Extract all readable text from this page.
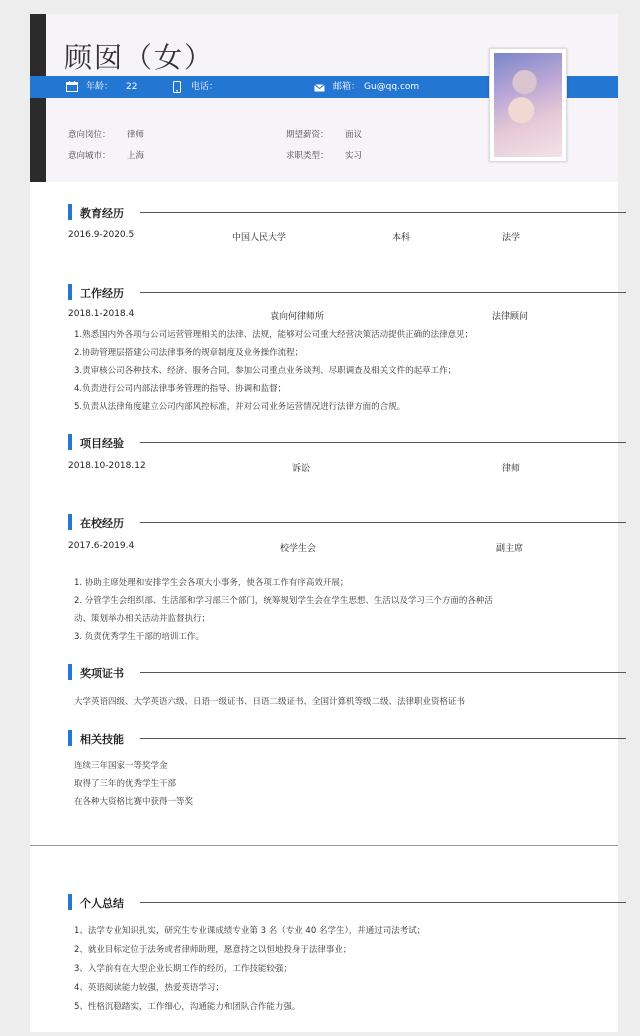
顾囡（女）
意向岗位： 律师
意向城市： 上海
期望薪资： 面议
求职类型： 实习
教育经历
2016.9-2020.5	中国人民大学	本科	法学
工作经历
2018.1-2018.4	袁向何律师所	法律顾问
1.熟悉国内外各项与公司运营管理相关的法律、法规，能够对公司重大经营决策活动提供正确的法律意见；
2.协助管理层搭建公司法律事务的规章制度及业务操作流程；
3.责审核公司各种技术、经济、服务合同，参加公司重点业务谈判、尽职调查及相关文件的起草工作；
4.负责进行公司内部法律事务管理的指导、协调和监督；
5.负责从法律角度建立公司内部风控标准，并对公司业务运营情况进行法律方面的合规。
项目经验
2018.10-2018.12	诉讼	律师
在校经历
2017.6-2019.4	校学生会	副主席
1. 协助主席处理和安排学生会各项大小事务，使各项工作有序高效开展；
2. 分管学生会组织部、生活部和学习部三个部门，统筹规划学生会在学生思想、生活以及学习三个方面的各种活
动、策划举办相关活动并监督执行；
3. 负责优秀学生干部的培训工作。
奖项证书
大学英语四级、大学英语六级、日语一级证书、日语二级证书、全国计算机等级二级、法律职业资格证书
相关技能
连续三年国家一等奖学金
取得了三年的优秀学生干部
在各种大资格比赛中获得一等奖
个人总结
1、法学专业知识扎实，研究生专业课成绩专业第 3 名（专业 40 名学生），并通过司法考试；
2、就业目标定位于法务或者律师助理，愿意持之以恒地投身于法律事业；
3、入学前有在大型企业长期工作的经历，工作技能较强；
4、英语阅读能力较强，热爱英语学习；
5、性格沉稳踏实，工作细心，沟通能力和团队合作能力强。
年龄： 22	电话：	邮箱： Gu@qq.com
